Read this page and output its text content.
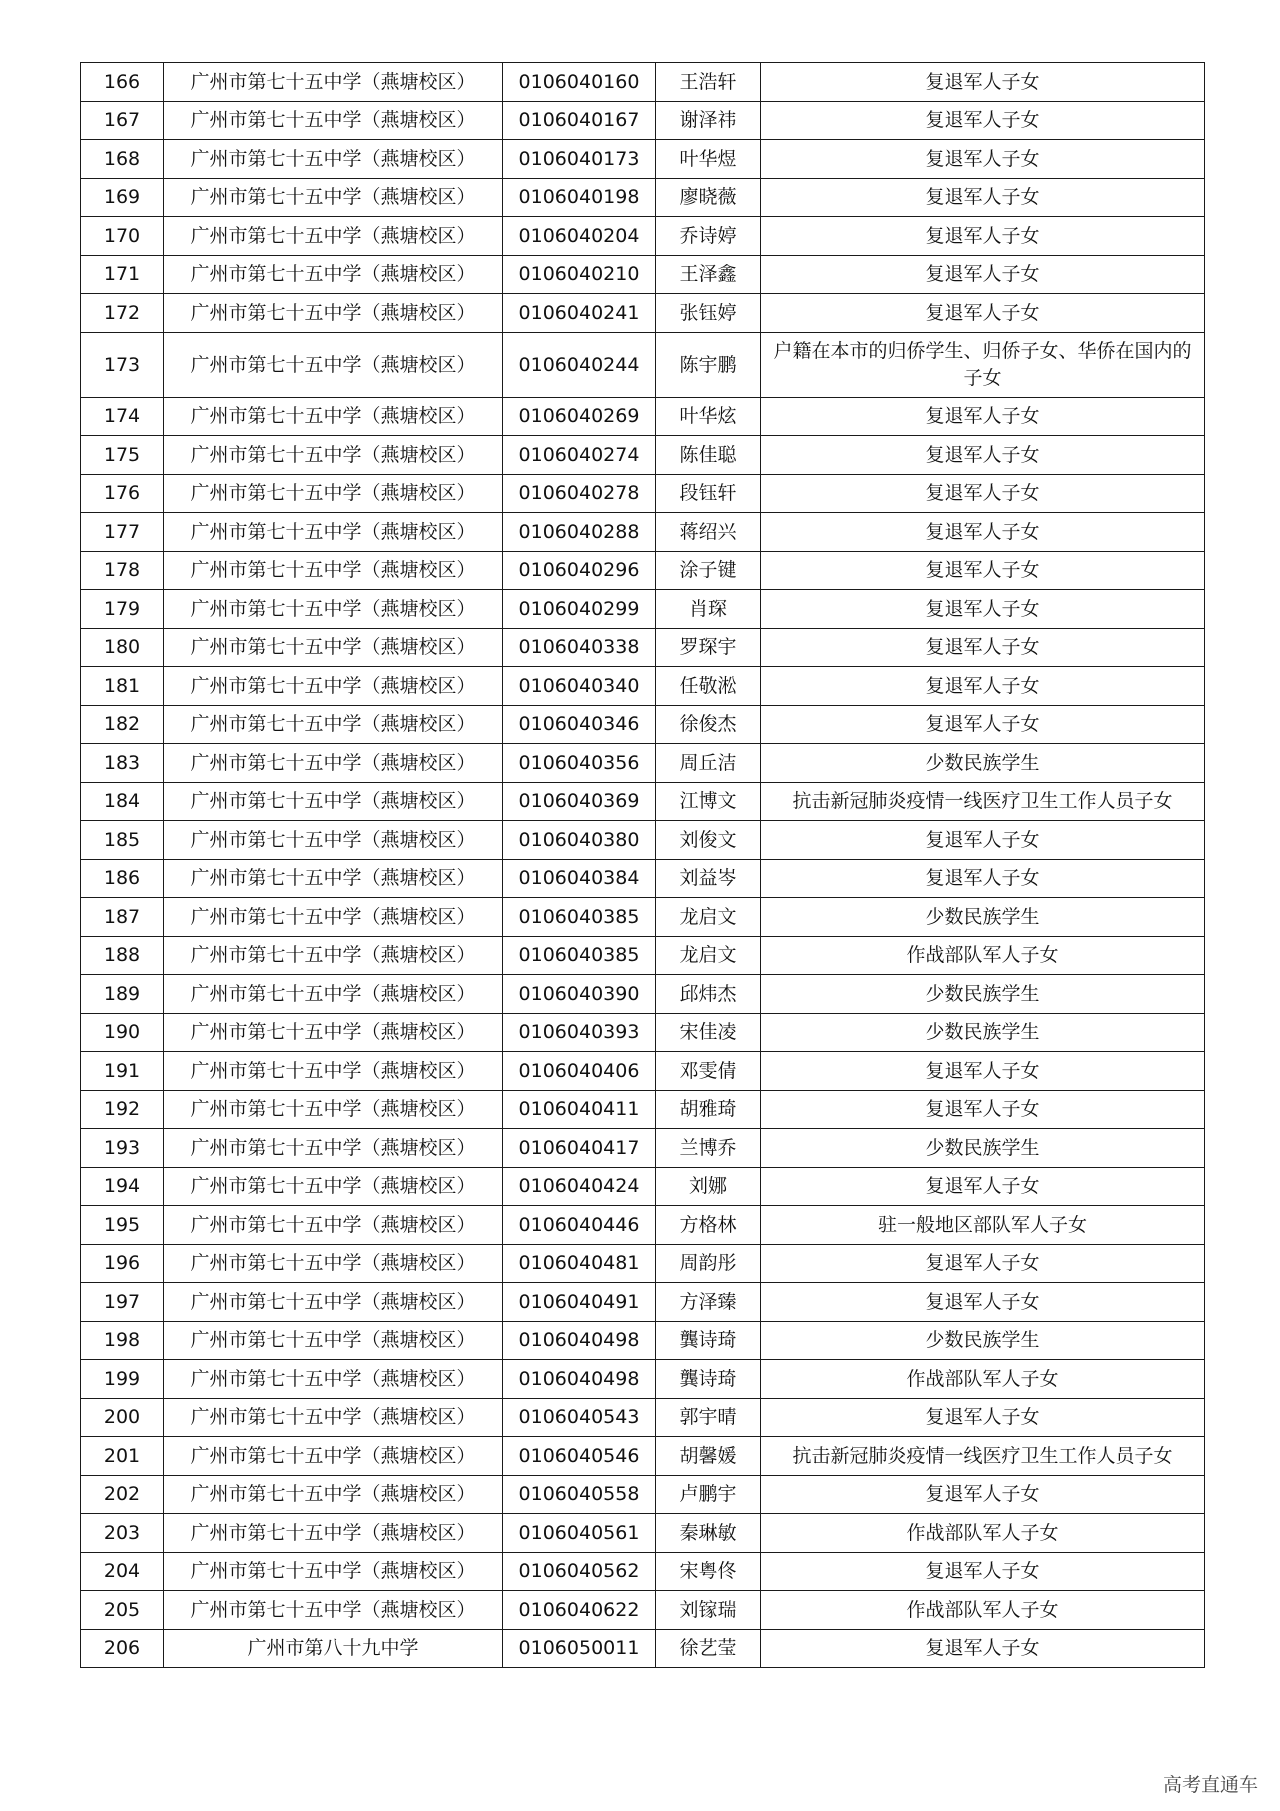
166	广州市第七十五中学（燕塘校区）	0106040160	王浩轩	复退军人子女
167	广州市第七十五中学（燕塘校区）	0106040167	谢泽祎	复退军人子女
168	广州市第七十五中学（燕塘校区）	0106040173	叶华煜	复退军人子女
169	广州市第七十五中学（燕塘校区）	0106040198	廖晓薇	复退军人子女
170	广州市第七十五中学（燕塘校区）	0106040204	乔诗婷	复退军人子女
171	广州市第七十五中学（燕塘校区）	0106040210	王泽鑫	复退军人子女
172	广州市第七十五中学（燕塘校区）	0106040241	张钰婷	复退军人子女
173	广州市第七十五中学（燕塘校区）	0106040244	陈宇鹏	户籍在本市的归侨学生、归侨子女、华侨在国内的子女
174	广州市第七十五中学（燕塘校区）	0106040269	叶华炫	复退军人子女
175	广州市第七十五中学（燕塘校区）	0106040274	陈佳聪	复退军人子女
176	广州市第七十五中学（燕塘校区）	0106040278	段钰轩	复退军人子女
177	广州市第七十五中学（燕塘校区）	0106040288	蒋绍兴	复退军人子女
178	广州市第七十五中学（燕塘校区）	0106040296	涂子键	复退军人子女
179	广州市第七十五中学（燕塘校区）	0106040299	肖琛	复退军人子女
180	广州市第七十五中学（燕塘校区）	0106040338	罗琛宇	复退军人子女
181	广州市第七十五中学（燕塘校区）	0106040340	任敬淞	复退军人子女
182	广州市第七十五中学（燕塘校区）	0106040346	徐俊杰	复退军人子女
183	广州市第七十五中学（燕塘校区）	0106040356	周丘洁	少数民族学生
184	广州市第七十五中学（燕塘校区）	0106040369	江博文	抗击新冠肺炎疫情一线医疗卫生工作人员子女
185	广州市第七十五中学（燕塘校区）	0106040380	刘俊文	复退军人子女
186	广州市第七十五中学（燕塘校区）	0106040384	刘益岑	复退军人子女
187	广州市第七十五中学（燕塘校区）	0106040385	龙启文	少数民族学生
188	广州市第七十五中学（燕塘校区）	0106040385	龙启文	作战部队军人子女
189	广州市第七十五中学（燕塘校区）	0106040390	邱炜杰	少数民族学生
190	广州市第七十五中学（燕塘校区）	0106040393	宋佳凌	少数民族学生
191	广州市第七十五中学（燕塘校区）	0106040406	邓雯倩	复退军人子女
192	广州市第七十五中学（燕塘校区）	0106040411	胡雅琦	复退军人子女
193	广州市第七十五中学（燕塘校区）	0106040417	兰博乔	少数民族学生
194	广州市第七十五中学（燕塘校区）	0106040424	刘娜	复退军人子女
195	广州市第七十五中学（燕塘校区）	0106040446	方格林	驻一般地区部队军人子女
196	广州市第七十五中学（燕塘校区）	0106040481	周韵彤	复退军人子女
197	广州市第七十五中学（燕塘校区）	0106040491	方泽臻	复退军人子女
198	广州市第七十五中学（燕塘校区）	0106040498	龔诗琦	少数民族学生
199	广州市第七十五中学（燕塘校区）	0106040498	龔诗琦	作战部队军人子女
200	广州市第七十五中学（燕塘校区）	0106040543	郭宇晴	复退军人子女
201	广州市第七十五中学（燕塘校区）	0106040546	胡馨媛	抗击新冠肺炎疫情一线医疗卫生工作人员子女
202	广州市第七十五中学（燕塘校区）	0106040558	卢鹏宇	复退军人子女
203	广州市第七十五中学（燕塘校区）	0106040561	秦琳敏	作战部队军人子女
204	广州市第七十五中学（燕塘校区）	0106040562	宋粤佟	复退军人子女
205	广州市第七十五中学（燕塘校区）	0106040622	刘镓瑞	作战部队军人子女
206	广州市第八十九中学	0106050011	徐艺莹	复退军人子女
高考直通车
